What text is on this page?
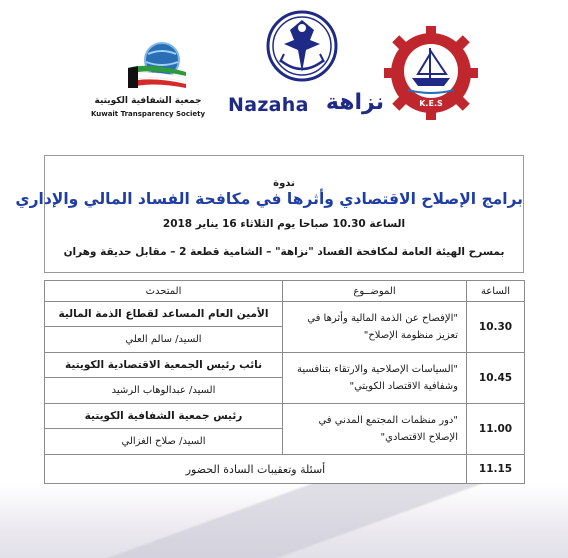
جمعية الشفافية الكويتية
Kuwait Transparency Society Nazaha نزاهة	K.E.S
ندوة
برامج الإصلاح الاقتصادي وأثرها في مكافحة الفساد المالي والإداري
الساعة 10.30 صباحا يوم الثلاثاء 16 يناير 2018
بمسرح الهيئة العامة لمكافحة الفساد "نزاهة" – الشامية قطعة 2 – مقابل حديقة وهران
الساعة	الموضــوع	المتحدث
10.30	"الإفصاح عن الذمة المالية وأثرها في تعزيز منظومة الإصلاح"	الأمين العام المساعد لقطاع الذمة المالية
السيد/ سالم العلي

10.45	"السياسات الإصلاحية والارتقاء بتنافسية وشفافية الاقتصاد الكويتي"	نائب رئيس الجمعية الاقتصادية الكويتية
السيد/ عبدالوهاب الرشيد

11.00	"دور منظمات المجتمع المدني في الإصلاح الاقتصادي"	رئيس جمعية الشفافية الكويتية
السيد/ صلاح الغزالي

11.15	أسئلة وتعقيبات السادة الحضور	
